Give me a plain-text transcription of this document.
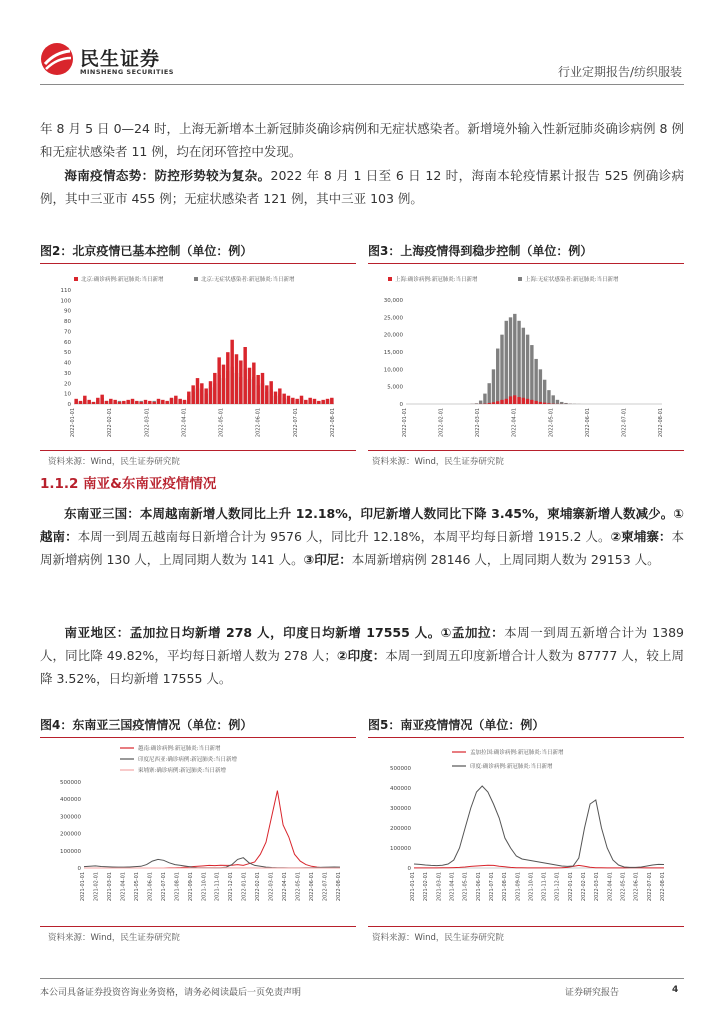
民生证券
MINSHENG SECURITIES	行业定期报告/纺织服装
年 8 月 5 日 0—24 时，上海无新增本土新冠肺炎确诊病例和无症状感染者。新增境外输入性新冠肺炎确诊病例 8 例和无症状感染者 11 例，均在闭环管控中发现。
海南疫情态势：防控形势较为复杂。2022 年 8 月 1 日至 6 日 12 时，海南本轮疫情累计报告 525 例确诊病例，其中三亚市 455 例；无症状感染者 121 例，其中三亚 103 例。
图2：北京疫情已基本控制（单位：例）
北京:确诊病例:新冠肺炎:当日新增	北京:无症状感染者:新冠肺炎:当日新增
0
10
20
30
40
50
60
70
80
90
100
110
2022-01-01	2022-02-01	2022-03-01	2022-04-01	2022-05-01	2022-06-01	2022-07-01	2022-08-01
资料来源：Wind，民生证券研究院
图3：上海疫情得到稳步控制（单位：例）
上海:确诊病例:新冠肺炎:当日新增	上海:无症状感染者:新冠肺炎:当日新增
0
5,000
10,000
15,000
20,000
25,000
30,000
2022-01-01	2022-02-01	2022-03-01	2022-04-01	2022-05-01	2022-06-01	2022-07-01	2022-08-01
资料来源：Wind，民生证券研究院
1.1.2 南亚&东南亚疫情情况
东南亚三国：本周越南新增人数同比上升 12.18%，印尼新增人数同比下降 3.45%，柬埔寨新增人数减少。①越南：本周一到周五越南每日新增合计为 9576 人，同比升 12.18%，本周平均每日新增 1915.2 人。②柬埔寨：本周新增病例 130 人，上周同期人数为 141 人。③印尼：本周新增病例 28146 人，上周同期人数为 29153 人。
南亚地区：孟加拉日均新增 278 人，印度日均新增 17555 人。①孟加拉：本周一到周五新增合计为 1389 人，同比降 49.82%，平均每日新增人数为 278 人；②印度：本周一到周五印度新增合计人数为 87777 人，较上周降 3.52%，日均新增 17555 人。
图4：东南亚三国疫情情况（单位：例）
越南:确诊病例:新冠肺炎:当日新增
印度尼西亚:确诊病例:新冠肺炎:当日新增
柬埔寨:确诊病例:新冠肺炎:当日新增
0
100000
200000
300000
400000
500000
2021-01-01 2021-02-01 2021-03-01 2021-04-01 2021-05-01 2021-06-01 2021-07-01 2021-08-01 2021-09-01 2021-10-01 2021-11-01 2021-12-01 2022-01-01 2022-02-01 2022-03-01 2022-04-01 2022-05-01 2022-06-01 2022-07-01 2022-08-01
资料来源：Wind，民生证券研究院
图5：南亚疫情情况（单位：例）
孟加拉国:确诊病例:新冠肺炎:当日新增
印度:确诊病例:新冠肺炎:当日新增
0
100000
200000
300000
400000
500000
2021-01-01 2021-02-01 2021-03-01 2021-04-01 2021-05-01 2021-06-01 2021-07-01 2021-08-01 2021-09-01 2021-10-01 2021-11-01 2021-12-01 2022-01-01 2022-02-01 2022-03-01 2022-04-01 2022-05-01 2022-06-01 2022-07-01 2022-08-01
资料来源：Wind，民生证券研究院
本公司具备证券投资咨询业务资格，请务必阅读最后一页免责声明	证券研究报告	4
